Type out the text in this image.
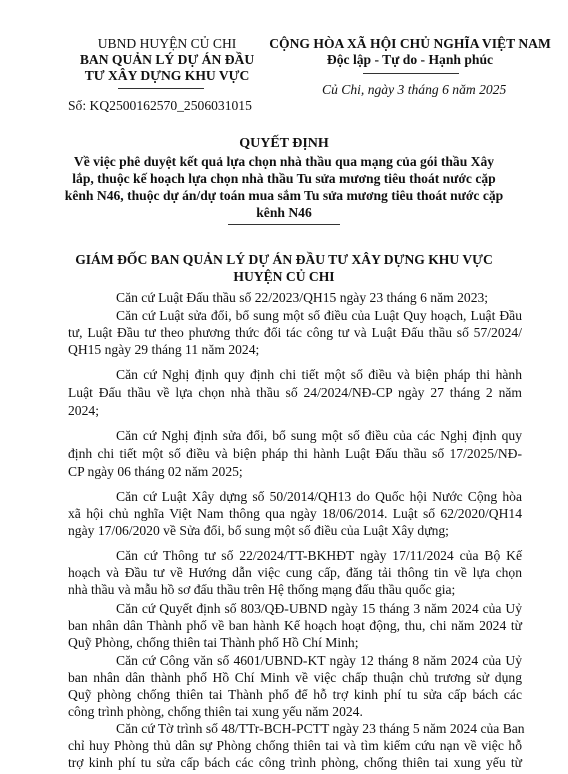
UBND HUYỆN CỦ CHI
BAN QUẢN LÝ DỰ ÁN ĐẦU
TƯ XÂY DỰNG KHU VỰC
Số: KQ2500162570_2506031015
CỘNG HÒA XÃ HỘI CHỦ NGHĨA VIỆT NAM
Độc lập - Tự do - Hạnh phúc
Củ Chi, ngày 3 tháng 6 năm 2025
QUYẾT ĐỊNH
Về việc phê duyệt kết quả lựa chọn nhà thầu qua mạng của gói thầu Xây
lắp, thuộc kế hoạch lựa chọn nhà thầu Tu sửa mương tiêu thoát nước cặp
kênh N46, thuộc dự án/dự toán mua sắm Tu sửa mương tiêu thoát nước cặp
kênh N46
GIÁM ĐỐC BAN QUẢN LÝ DỰ ÁN ĐẦU TƯ XÂY DỰNG KHU VỰC
HUYỆN CỦ CHI
Căn cứ Luật Đấu thầu số 22/2023/QH15 ngày 23 tháng 6 năm 2023;
Căn cứ Luật sửa đổi, bổ sung một số điều của Luật Quy hoạch, Luật Đầu
tư, Luật Đầu tư theo phương thức đối tác công tư và Luật Đấu thầu số 57/2024/
QH15 ngày 29 tháng 11 năm 2024;
Căn cứ Nghị định quy định chi tiết một số điều và biện pháp thi hành
Luật Đấu thầu về lựa chọn nhà thầu số 24/2024/NĐ-CP ngày 27 tháng 2 năm
2024;
Căn cứ Nghị định sửa đổi, bổ sung một số điều của các Nghị định quy
định chi tiết một số điều và biện pháp thi hành Luật Đấu thầu số 17/2025/NĐ-
CP ngày 06 tháng 02 năm 2025;
Căn cứ Luật Xây dựng số 50/2014/QH13 do Quốc hội Nước Cộng hòa
xã hội chủ nghĩa Việt Nam thông qua ngày 18/06/2014. Luật số 62/2020/QH14
ngày 17/06/2020 về Sửa đổi, bổ sung một số điều của Luật Xây dựng;
Căn cứ Thông tư số 22/2024/TT-BKHĐT ngày 17/11/2024 của Bộ Kế
hoạch và Đầu tư về Hướng dẫn việc cung cấp, đăng tải thông tin về lựa chọn
nhà thầu và mẫu hồ sơ đấu thầu trên Hệ thống mạng đấu thầu quốc gia;
Căn cứ Quyết định số 803/QĐ-UBND ngày 15 tháng 3 năm 2024 của Uỷ
ban nhân dân Thành phố về ban hành Kế hoạch hoạt động, thu, chi năm 2024 từ
Quỹ Phòng, chống thiên tai Thành phố Hồ Chí Minh;
Căn cứ Công văn số 4601/UBND-KT ngày 12 tháng 8 năm 2024 của Uỷ
ban nhân dân thành phố Hồ Chí Minh về việc chấp thuận chủ trương sử dụng
Quỹ phòng chống thiên tai Thành phố để hỗ trợ kinh phí tu sửa cấp bách các
công trình phòng, chống thiên tai xung yếu năm 2024.
Căn cứ Tờ trình số 48/TTr-BCH-PCTT ngày 23 tháng 5 năm 2024 của Ban
chỉ huy Phòng thủ dân sự Phòng chống thiên tai và tìm kiếm cứu nạn về việc hỗ
trợ kinh phí tu sửa cấp bách các công trình phòng, chống thiên tai xung yếu từ
